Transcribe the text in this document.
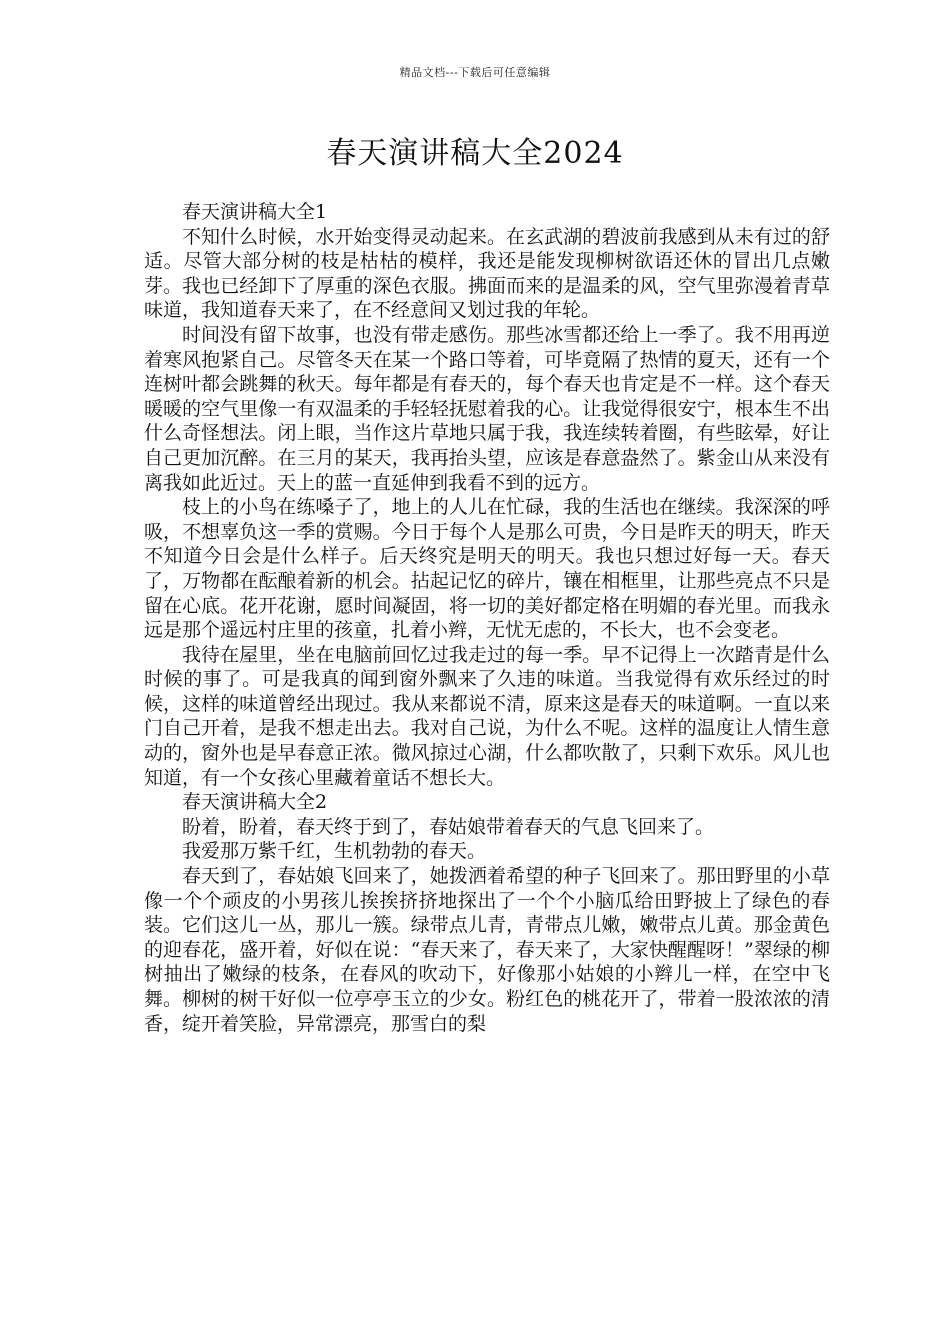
精品文档---下载后可任意编辑
春天演讲稿大全2024

春天演讲稿大全1

不知什么时候，水开始变得灵动起来。在玄武湖的碧波前我感到从未有过的舒适。尽管大部分树的枝是枯枯的模样，我还是能发现柳树欲语还休的冒出几点嫩芽。我也已经卸下了厚重的深色衣服。拂面而来的是温柔的风，空气里弥漫着青草味道，我知道春天来了，在不经意间又划过我的年轮。

时间没有留下故事，也没有带走感伤。那些冰雪都还给上一季了。我不用再逆着寒风抱紧自己。尽管冬天在某一个路口等着，可毕竟隔了热情的夏天，还有一个连树叶都会跳舞的秋天。每年都是有春天的，每个春天也肯定是不一样。这个春天暖暖的空气里像一有双温柔的手轻轻抚慰着我的心。让我觉得很安宁，根本生不出什么奇怪想法。闭上眼，当作这片草地只属于我，我连续转着圈，有些眩晕，好让自己更加沉醉。在三月的某天，我再抬头望，应该是春意盎然了。紫金山从来没有离我如此近过。天上的蓝一直延伸到我看不到的远方。

枝上的小鸟在练嗓子了，地上的人儿在忙碌，我的生活也在继续。我深深的呼吸，不想辜负这一季的赏赐。今日于每个人是那么可贵，今日是昨天的明天，昨天不知道今日会是什么样子。后天终究是明天的明天。我也只想过好每一天。春天了，万物都在酝酿着新的机会。拈起记忆的碎片，镶在相框里，让那些亮点不只是留在心底。花开花谢，愿时间凝固，将一切的美好都定格在明媚的春光里。而我永远是那个遥远村庄里的孩童，扎着小辫，无忧无虑的，不长大，也不会变老。

我待在屋里，坐在电脑前回忆过我走过的每一季。早不记得上一次踏青是什么时候的事了。可是我真的闻到窗外飘来了久违的味道。当我觉得有欢乐经过的时候，这样的味道曾经出现过。我从来都说不清，原来这是春天的味道啊。一直以来门自己开着，是我不想走出去。我对自己说，为什么不呢。这样的温度让人情生意动的，窗外也是早春意正浓。微风掠过心湖，什么都吹散了，只剩下欢乐。风儿也知道，有一个女孩心里藏着童话不想长大。

春天演讲稿大全2

盼着，盼着，春天终于到了，春姑娘带着春天的气息飞回来了。

我爱那万紫千红，生机勃勃的春天。

春天到了，春姑娘飞回来了，她拨洒着希望的种子飞回来了。那田野里的小草像一个个顽皮的小男孩儿挨挨挤挤地探出了一个个小脑瓜给田野披上了绿色的春装。它们这儿一丛，那儿一簇。绿带点儿青，青带点儿嫩，嫩带点儿黄。那金黄色的迎春花，盛开着，好似在说：“春天来了，春天来了，大家快醒醒呀！”翠绿的柳树抽出了嫩绿的枝条，在春风的吹动下，好像那小姑娘的小辫儿一样，在空中飞舞。柳树的树干好似一位亭亭玉立的少女。粉红色的桃花开了，带着一股浓浓的清香，绽开着笑脸，异常漂亮，那雪白的梨
